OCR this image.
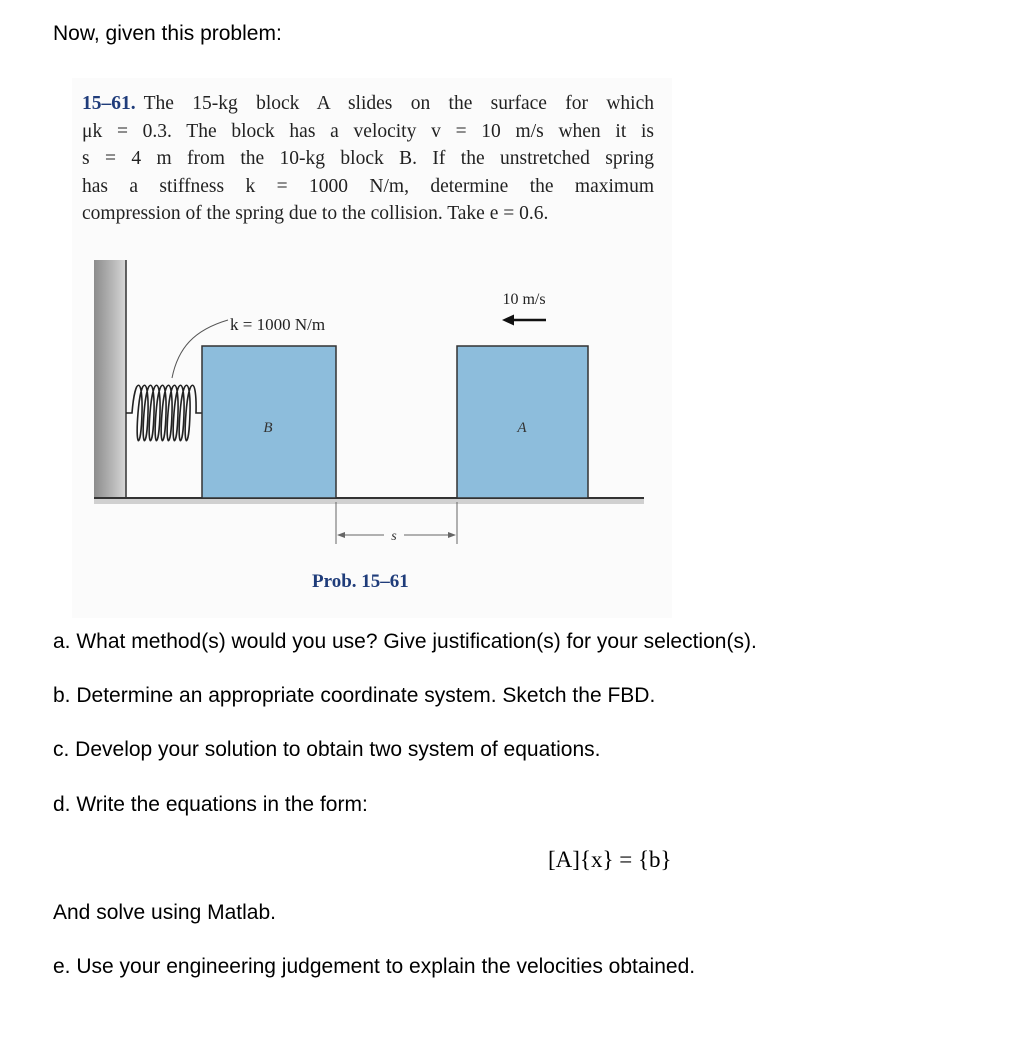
Now, given this problem:
15–61. The 15-kg block A slides on the surface for which
μk = 0.3. The block has a velocity v = 10 m/s when it is
s = 4 m from the 10-kg block B. If the unstretched spring
has a stiffness k = 1000 N/m, determine the maximum
compression of the spring due to the collision. Take e = 0.6.
B	A
k = 1000 N/m
10 m/s
s
Prob. 15–61
a. What method(s) would you use? Give justification(s) for your selection(s).
b. Determine an appropriate coordinate system. Sketch the FBD.
c. Develop your solution to obtain two system of equations.
d. Write the equations in the form:
[A]{x} = {b}
And solve using Matlab.
e. Use your engineering judgement to explain the velocities obtained.
